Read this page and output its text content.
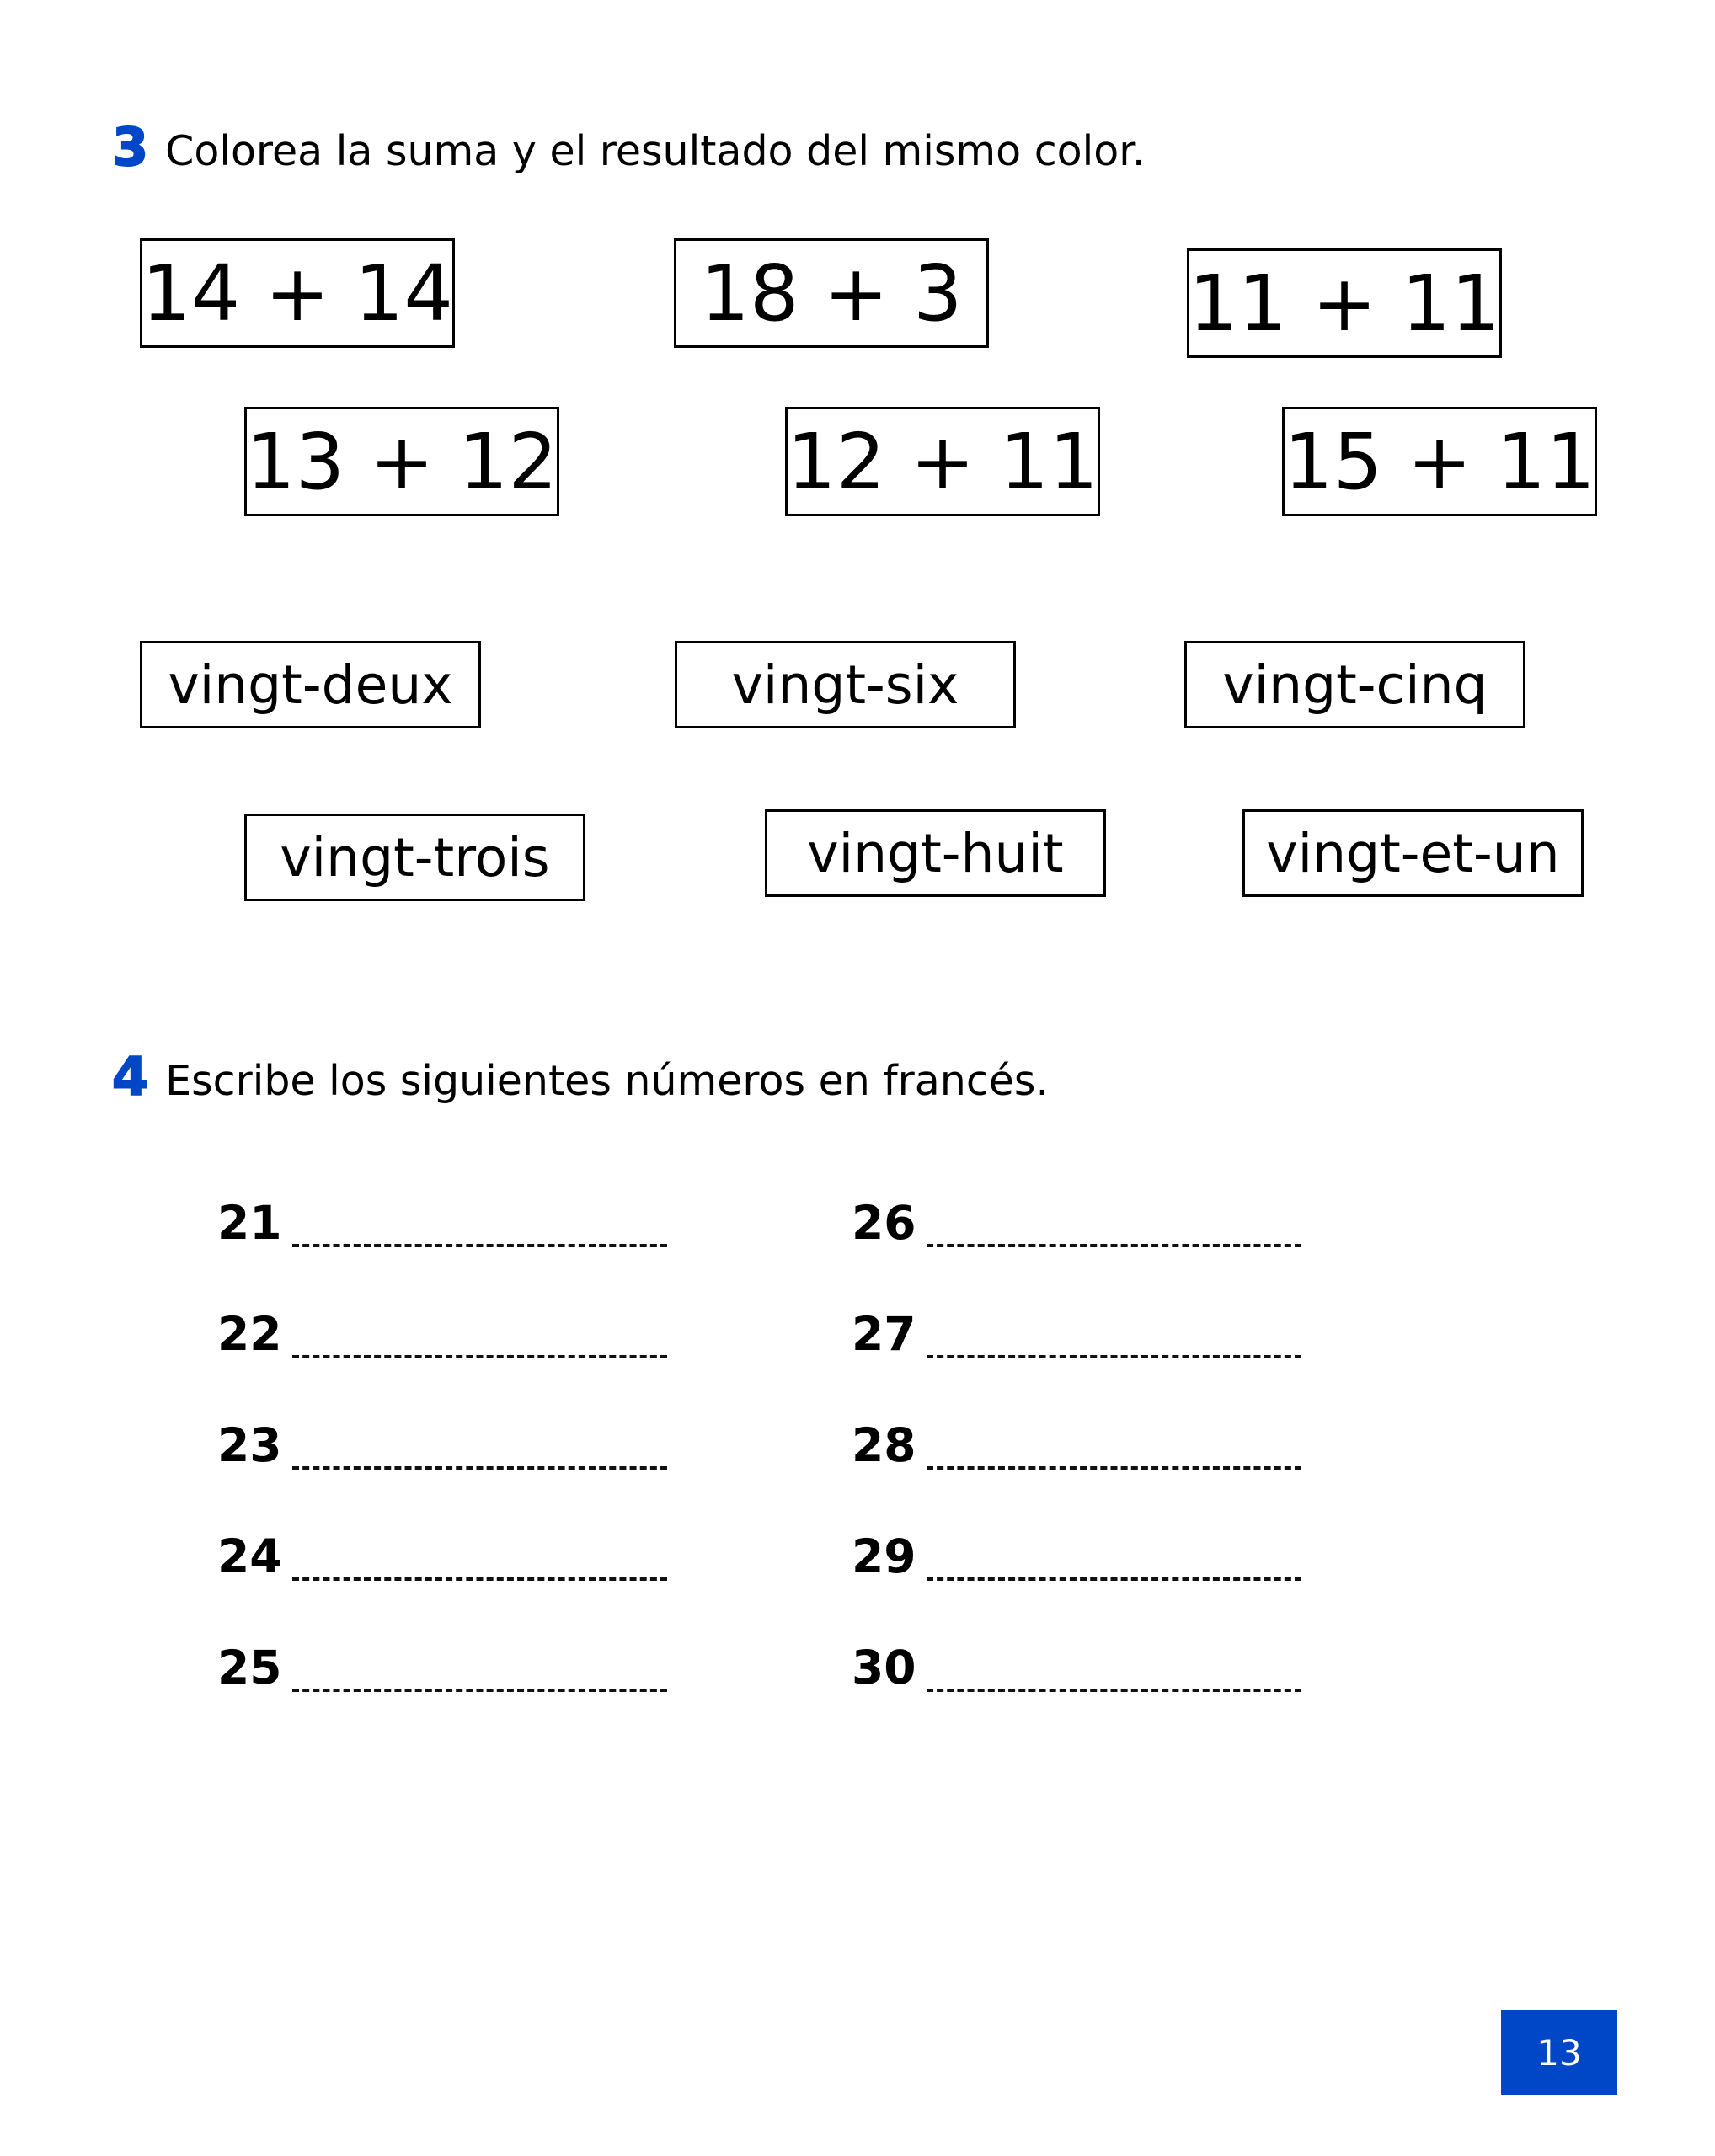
3 Colorea la suma y el resultado del mismo color.
14 + 14	18 + 3	11 + 11
13 + 12	12 + 11 15 + 11
vingt-deux	vingt-six	vingt-cinq
vingt-trois	vingt-huit	vingt-et-un
4 Escribe los siguientes números en francés.
21
22
23
24
25
26
27
28
29
30
13
